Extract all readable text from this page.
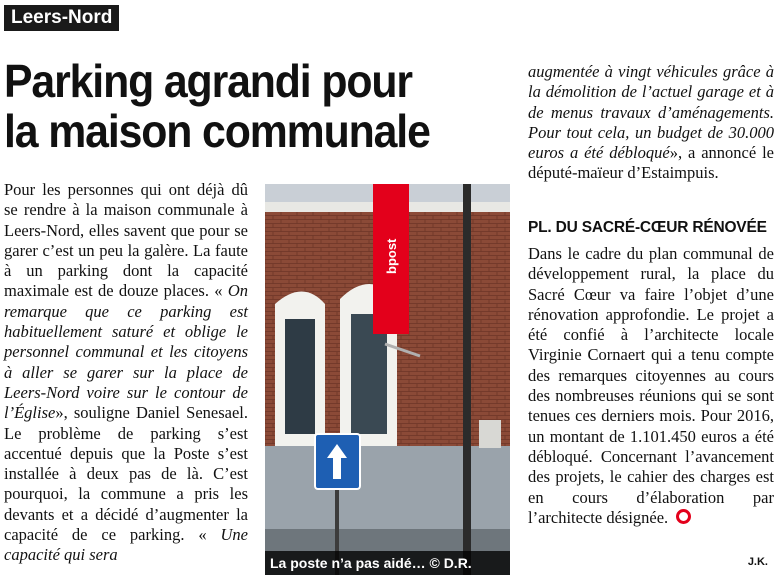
Leers-Nord
Parking agrandi pour
la maison communale

Pour les personnes qui ont déjà dû se rendre à la maison communale à Leers-Nord, elles savent que pour se garer c’est un peu la galère. La faute à un parking dont la capacité maximale est de douze places. « On remarque que ce parking est habituellement saturé et oblige le personnel communal et les citoyens à aller se garer sur la place de Leers-Nord voire sur le contour de l’Église», souligne Daniel Senesael. Le problème de parking s’est accentué depuis que la Poste s’est installée à deux pas de là. C’est pourquoi, la commune a pris les devants et a décidé d’augmenter la capacité de ce parking. « Une capacité qui sera

bpost
La poste n’a pas aidé… © D.R.

augmentée à vingt véhicules grâce à la démolition de l’actuel garage et à de menus travaux d’aménagements. Pour tout cela, un budget de 30.000 euros a été débloqué», a annoncé le député-maïeur d’Estaimpuis.

PL. DU SACRÉ-CŒUR RÉNOVÉE

Dans le cadre du plan communal de développement rural, la place du Sacré Cœur va faire l’objet d’une rénovation approfondie. Le projet a été confié à l’architecte locale Virginie Cornaert qui a tenu compte des remarques citoyennes au cours des nombreuses réunions qui se sont tenues ces derniers mois. Pour 2016, un montant de 1.101.450 euros a été débloqué. Concernant l’avancement des projets, le cahier des charges est en cours d’élaboration par l’architecte désignée.

J.K.
